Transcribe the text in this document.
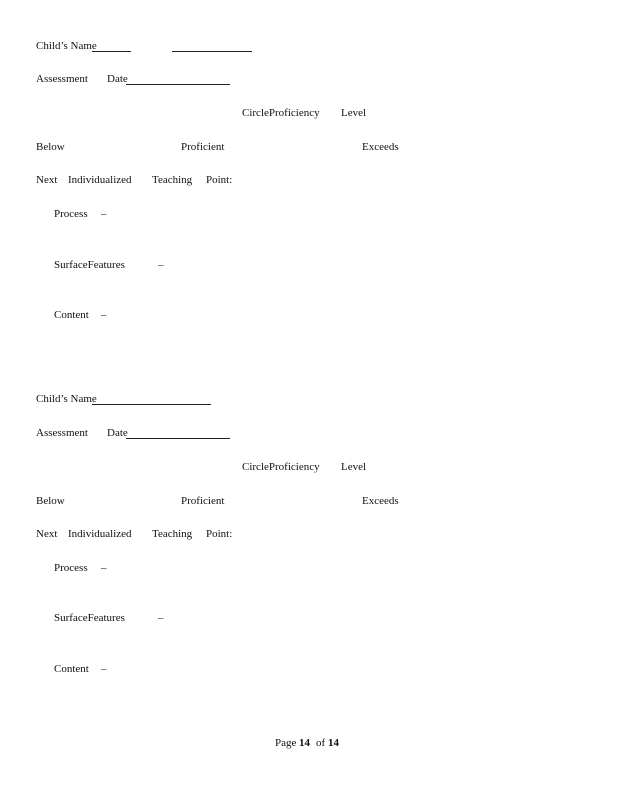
Child’s Name
Assessment Date
CircleProficiency Level
Below	Proficient	Exceeds
Next Individualized Teaching Point:
Process –
SurfaceFeatures	–
Content –
Child’s Name
Assessment Date
CircleProficiency Level
Below	Proficient	Exceeds
Next Individualized Teaching Point:
Process –
SurfaceFeatures	–
Content –
Page 14 of 14
